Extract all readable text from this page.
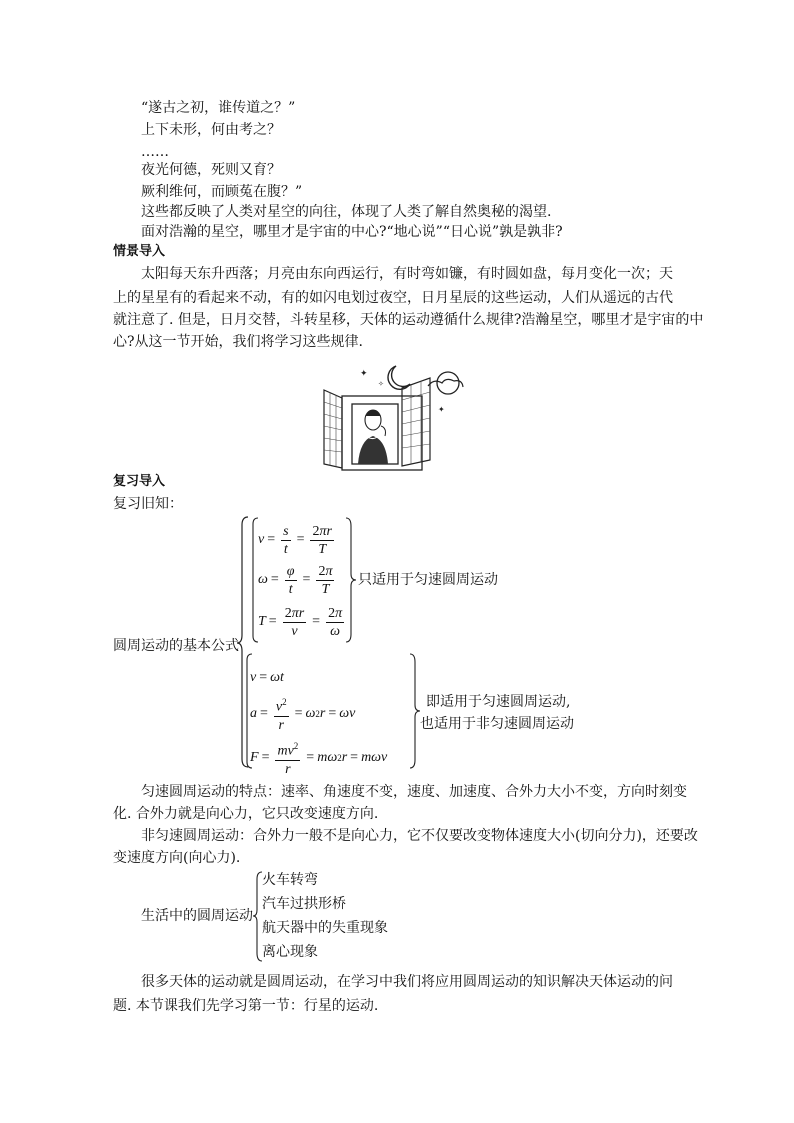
“遂古之初，谁传道之？”
上下未形，何由考之？
……
夜光何德，死则又育？
厥利维何，而顾菟在腹？”
这些都反映了人类对星空的向往，体现了人类了解自然奥秘的渴望.
面对浩瀚的星空，哪里才是宇宙的中心?“地心说”“日心说”孰是孰非?
情景导入
太阳每天东升西落；月亮由东向西运行，有时弯如镰，有时圆如盘，每月变化一次；天
上的星星有的看起来不动，有的如闪电划过夜空，日月星辰的这些运动，人们从遥远的古代
就注意了. 但是，日月交替，斗转星移，天体的运动遵循什么规律?浩瀚星空，哪里才是宇宙的中
心?从这一节开始，我们将学习这些规律.
✦
✧
✦
复习导入
复习旧知：
圆周运动的基本公式
$v = \frac{s}{t} = \frac{2\pi r}{T}$
$\omega = \frac{\varphi}{t} = \frac{2\pi}{T}$
$T = \frac{2\pi r}{v} = \frac{2\pi}{\omega}$
只适用于匀速圆周运动
v = ωt
$a = \frac{v^2}{r} = \omega$ 2 r = ωv
$F = \frac{mv^2}{r} = m\omega$ 2 r = mωv
即适用于匀速圆周运动,
也适用于非匀速圆周运动
匀速圆周运动的特点：速率、角速度不变，速度、加速度、合外力大小不变，方向时刻变
化. 合外力就是向心力，它只改变速度方向.
非匀速圆周运动：合外力一般不是向心力，它不仅要改变物体速度大小(切向分力)，还要改
变速度方向(向心力).
生活中的圆周运动
火车转弯
汽车过拱形桥
航天器中的失重现象
离心现象
很多天体的运动就是圆周运动，在学习中我们将应用圆周运动的知识解决天体运动的问
题. 本节课我们先学习第一节：行星的运动.
